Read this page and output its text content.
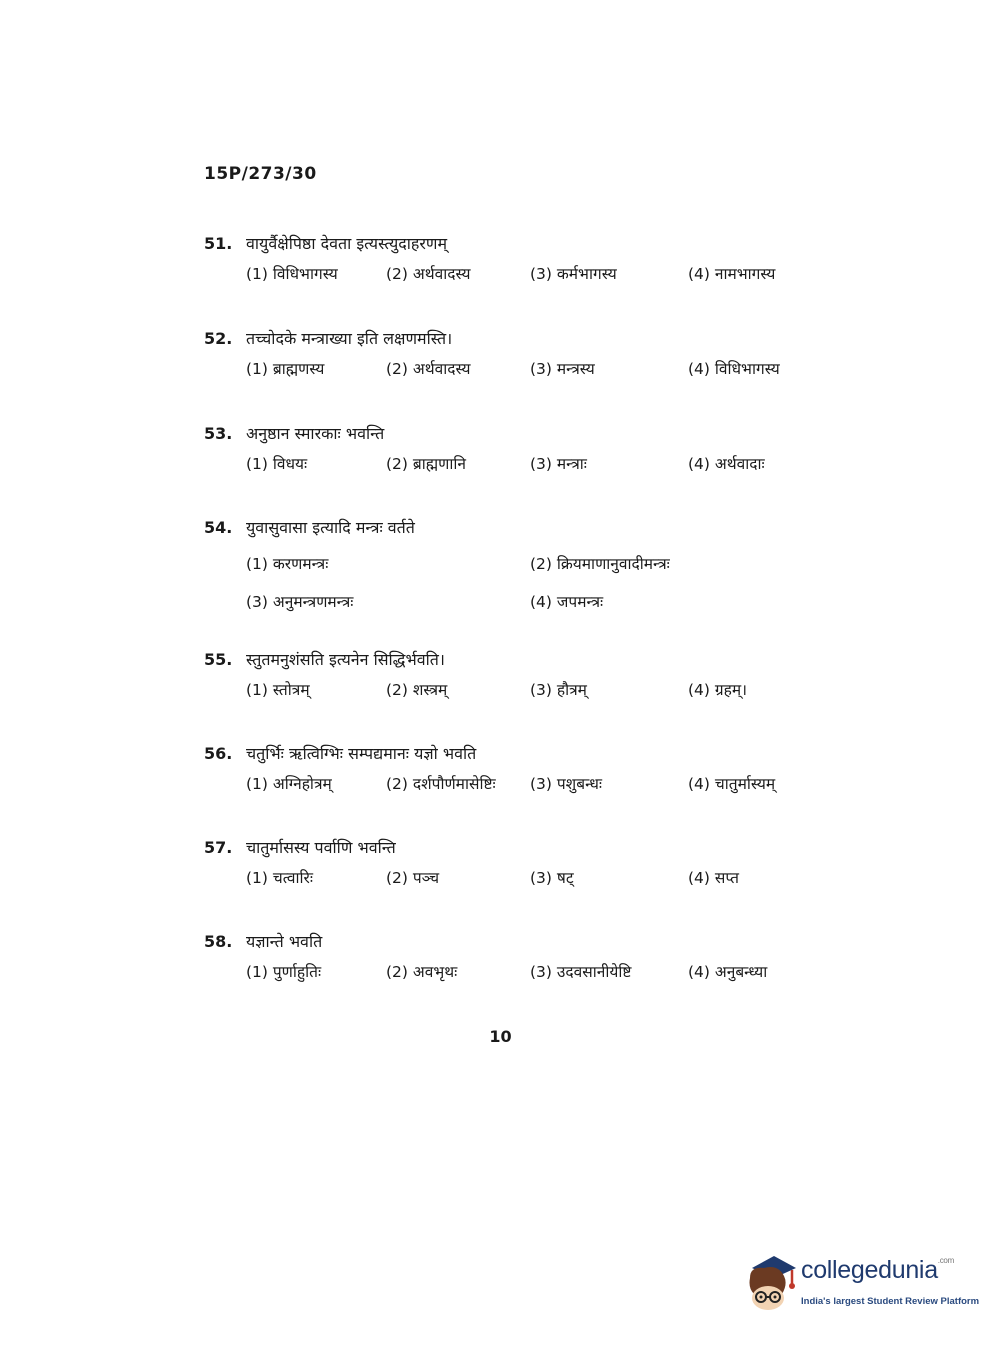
15P/273/30
51. वायुर्वैक्षेपिष्ठा देवता इत्यस्त्युदाहरणम्
(1) विधिभागस्य	(2) अर्थवादस्य	(3) कर्मभागस्य	(4) नामभागस्य
52. तच्चोदके मन्त्राख्या इति लक्षणमस्ति।
(1) ब्राह्मणस्य	(2) अर्थवादस्य	(3) मन्त्रस्य	(4) विधिभागस्य
53. अनुष्ठान स्मारकाः भवन्ति
(1) विधयः	(2) ब्राह्मणानि	(3) मन्त्राः	(4) अर्थवादाः
54. युवासुवासा इत्यादि मन्त्रः वर्तते
(1) करणमन्त्रः	(2) क्रियमाणानुवादीमन्त्रः
(3) अनुमन्त्रणमन्त्रः	(4) जपमन्त्रः
55. स्तुतमनुशंसति इत्यनेन सिद्धिर्भवति।
(1) स्तोत्रम्	(2) शस्त्रम्	(3) हौत्रम्	(4) ग्रहम्।
56. चतुर्भिः ऋत्विग्भिः सम्पद्यमानः यज्ञो भवति
(1) अग्निहोत्रम्	(2) दर्शपौर्णमासेष्टिः (3) पशुबन्धः	(4) चातुर्मास्यम्
57. चातुर्मासस्य पर्वाणि भवन्ति
(1) चत्वारिः	(2) पञ्च	(3) षट्	(4) सप्त
58. यज्ञान्ते भवति
(1) पुर्णाहुतिः	(2) अवभृथः	(3) उदवसानीयेष्टि	(4) अनुबन्ध्या
10
collegedunia$^{.com}$
India's largest Student Review Platform
